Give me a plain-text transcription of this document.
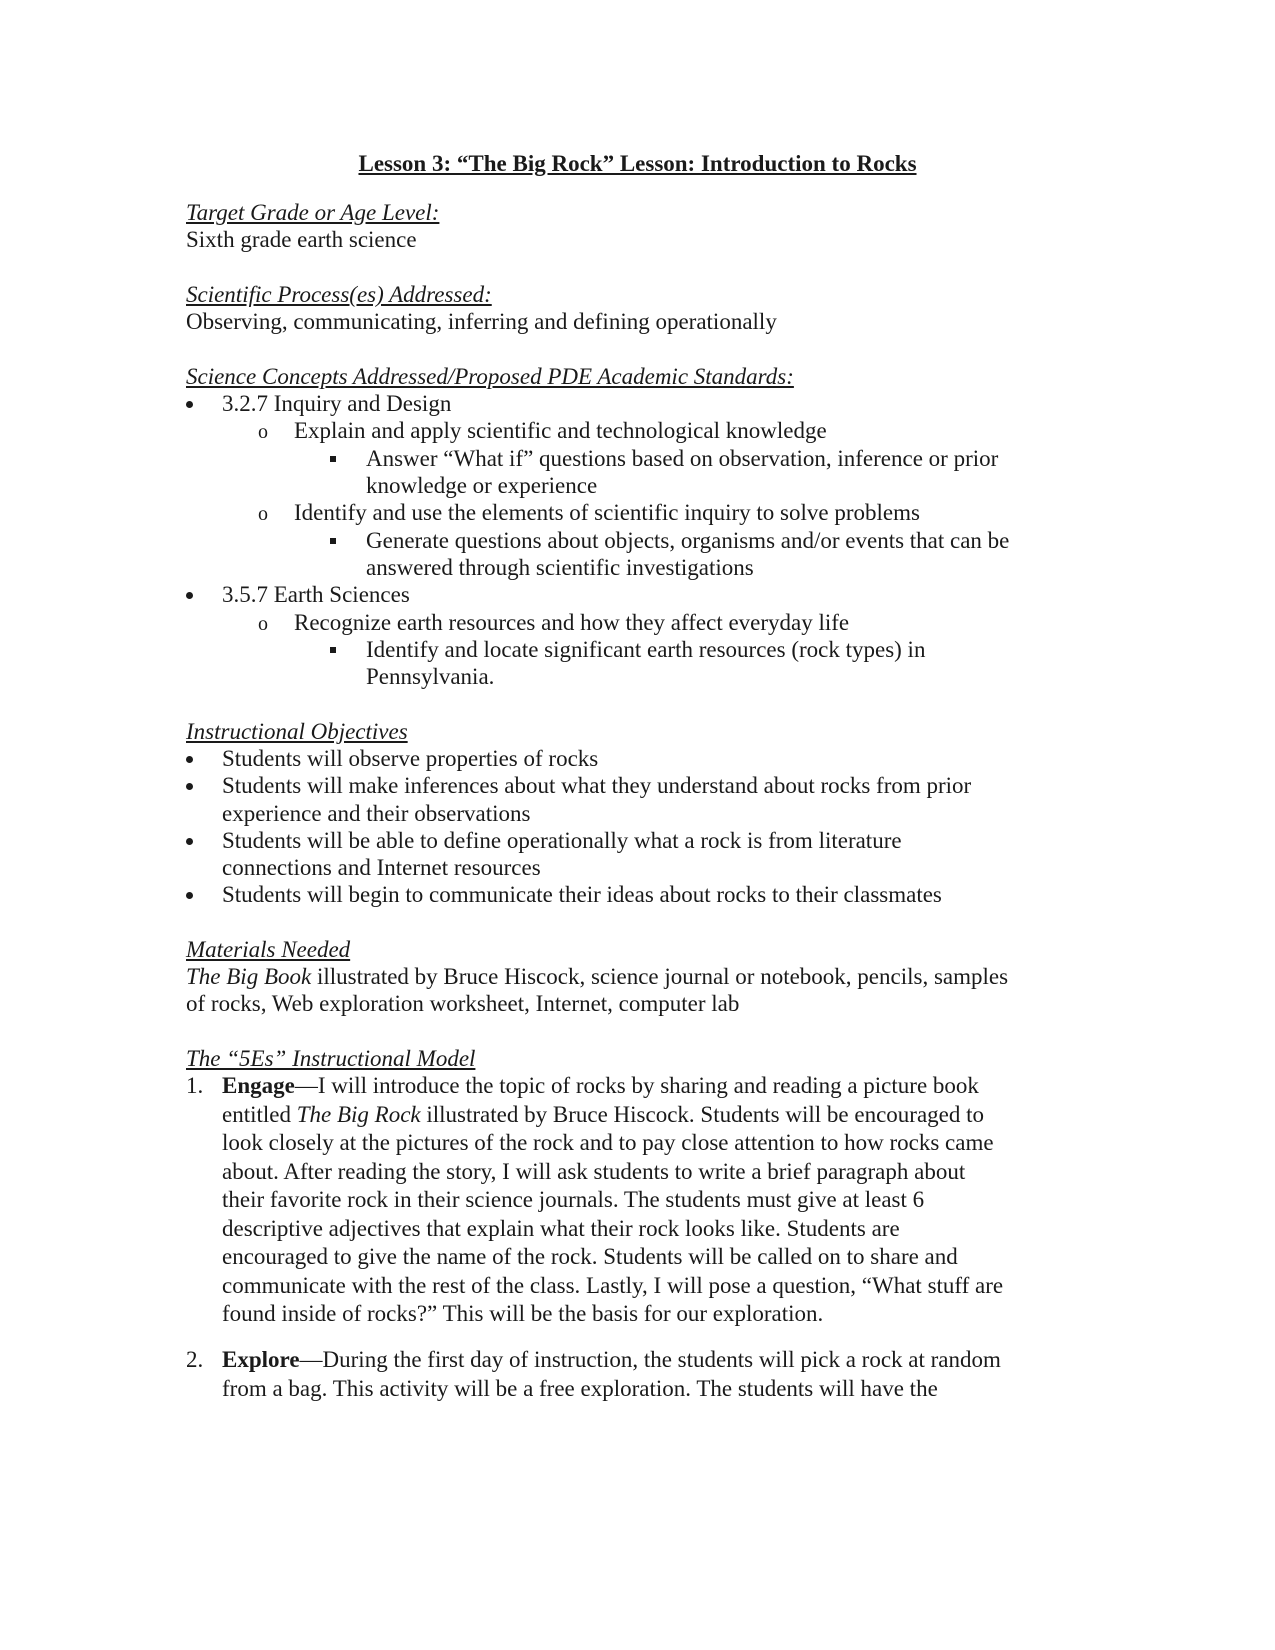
Lesson 3: “The Big Rock” Lesson: Introduction to Rocks
Target Grade or Age Level:
Sixth grade earth science
Scientific Process(es) Addressed:
Observing, communicating, inferring and defining operationally
Science Concepts Addressed/Proposed PDE Academic Standards:
3.2.7 Inquiry and Design
o
Explain and apply scientific and technological knowledge
Answer “What if” questions based on observation, inference or prior
knowledge or experience
o
Identify and use the elements of scientific inquiry to solve problems
Generate questions about objects, organisms and/or events that can be
answered through scientific investigations
3.5.7 Earth Sciences
o
Recognize earth resources and how they affect everyday life
Identify and locate significant earth resources (rock types) in
Pennsylvania.
Instructional Objectives
Students will observe properties of rocks
Students will make inferences about what they understand about rocks from prior
experience and their observations
Students will be able to define operationally what a rock is from literature
connections and Internet resources
Students will begin to communicate their ideas about rocks to their classmates
Materials Needed
The Big Book illustrated by Bruce Hiscock, science journal or notebook, pencils, samples
of rocks, Web exploration worksheet, Internet, computer lab
The “5Es” Instructional Model
1. Engage—I will introduce the topic of rocks by sharing and reading a picture book
entitled The Big Rock illustrated by Bruce Hiscock. Students will be encouraged to
look closely at the pictures of the rock and to pay close attention to how rocks came
about. After reading the story, I will ask students to write a brief paragraph about
their favorite rock in their science journals. The students must give at least 6
descriptive adjectives that explain what their rock looks like. Students are
encouraged to give the name of the rock. Students will be called on to share and
communicate with the rest of the class. Lastly, I will pose a question, “What stuff are
found inside of rocks?” This will be the basis for our exploration.
2. Explore—During the first day of instruction, the students will pick a rock at random
from a bag. This activity will be a free exploration. The students will have the
